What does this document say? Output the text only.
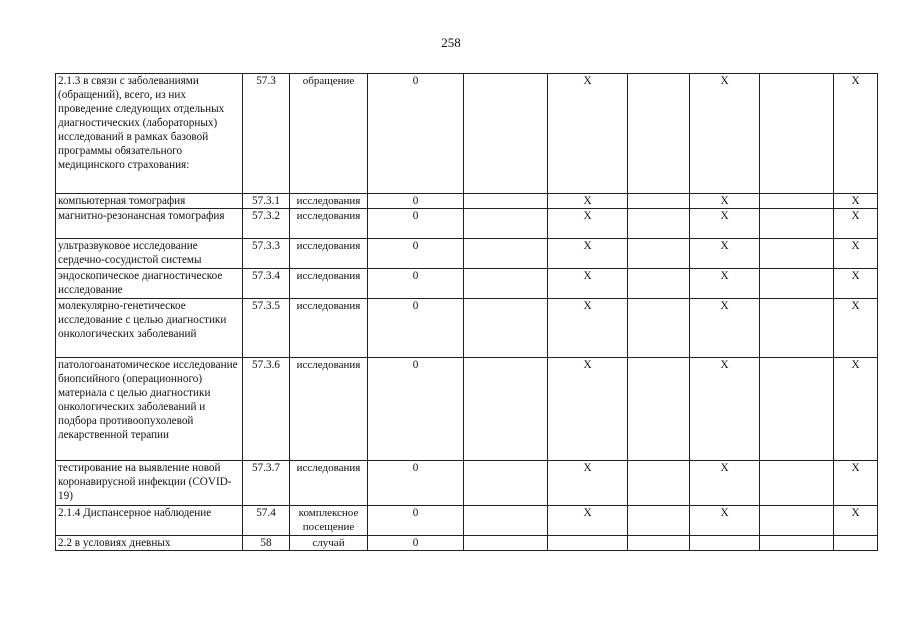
258
2.1.3 в связи с заболеваниями (обращений), всего, из них проведение следующих отдельных диагностических (лабораторных) исследований в рамках базовой программы обязательного медицинского страхования:	57.3	обращение	0		X		X		X
компьютерная томография	57.3.1	исследования	0		X		X		X
магнитно-резонансная томография	57.3.2	исследования	0		X		X		X
ультразвуковое исследование сердечно-сосудистой системы	57.3.3	исследования	0		X		X		X
эндоскопическое диагностическое исследование	57.3.4	исследования	0		X		X		X
молекулярно-генетическое исследование с целью диагностики онкологических заболеваний	57.3.5	исследования	0		X		X		X
патологоанатомическое исследование биопсийного (операционного) материала с целью диагностики онкологических заболеваний и подбора противоопухолевой лекарственной терапии	57.3.6	исследования	0		X		X		X
тестирование на выявление новой коронавирусной инфекции (COVID-19)	57.3.7	исследования	0		X		X		X
2.1.4 Диспансерное наблюдение	57.4	комплексное посещение	0		X		X		X
2.2 в условиях дневных	58	случай	0						
